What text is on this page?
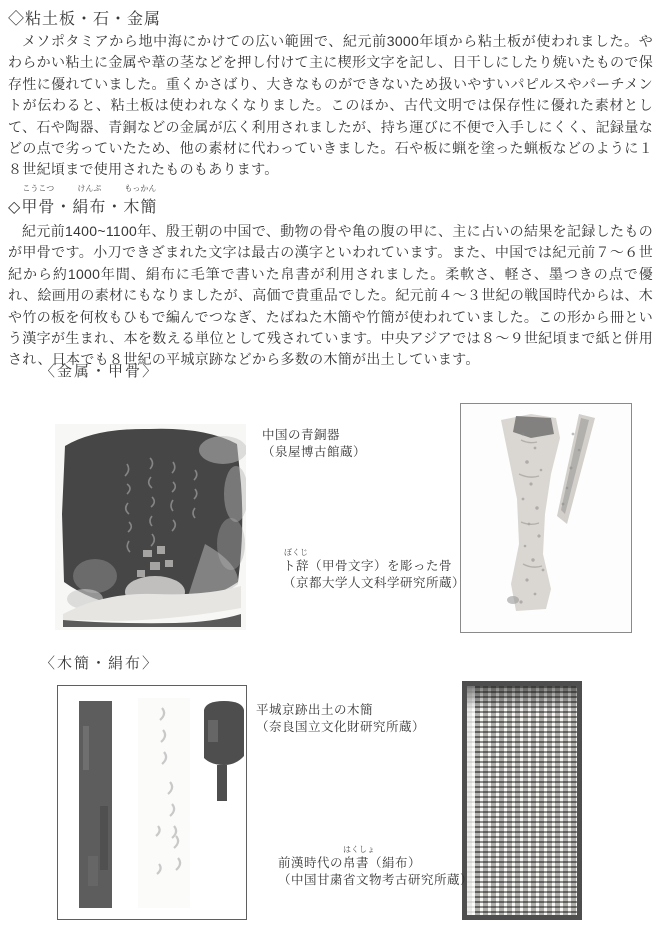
◇粘土板・石・金属
メソポタミアから地中海にかけての広い範囲で、紀元前3000年頃から粘土板が使われました。やわらかい粘土に金属や葦の茎などを押し付けて主に楔形文字を記し、日干しにしたり焼いたもので保存性に優れていました。重くかさばり、大きなものができないため扱いやすいパピルスやパーチメントが伝わると、粘土板は使われなくなりました。このほか、古代文明では保存性に優れた素材として、石や陶器、青銅などの金属が広く利用されましたが、持ち運びに不便で入手しにくく、記録量などの点で劣っていたため、他の素材に代わっていきました。石や板に蝋を塗った蝋板などのように１８世紀頃まで使用されたものもあります。
◇
こうこつ
甲骨・
けんぷ
絹布・
もっかん
木簡
紀元前1400~1100年、殷王朝の中国で、動物の骨や亀の腹の甲に、主に占いの結果を記録したものが甲骨です。小刀できざまれた文字は最古の漢字といわれています。また、中国では紀元前７〜６世紀から約1000年間、絹布に毛筆で書いた帛書が利用されました。柔軟さ、軽さ、墨つきの点で優れ、絵画用の素材にもなりましたが、高価で貴重品でした。紀元前４〜３世紀の戦国時代からは、木や竹の板を何枚もひもで編んでつなぎ、たばねた木簡や竹簡が使われていました。この形から冊という漢字が生まれ、本を数える単位として残されています。中央アジアでは８〜９世紀頃まで紙と併用され、日本でも８世紀の平城京跡などから多数の木簡が出土しています。
〈金属・甲骨〉
中国の青銅器
（泉屋博古館蔵）
ぼくじ
ト辞（甲骨文字）を彫った骨
（京都大学人文科学研究所蔵）
〈木簡・絹布〉
平城京跡出土の木簡
（奈良国立文化財研究所蔵）
前漢時代の
はくしょ
帛書（絹布）
（中国甘粛省文物考古研究所蔵）
